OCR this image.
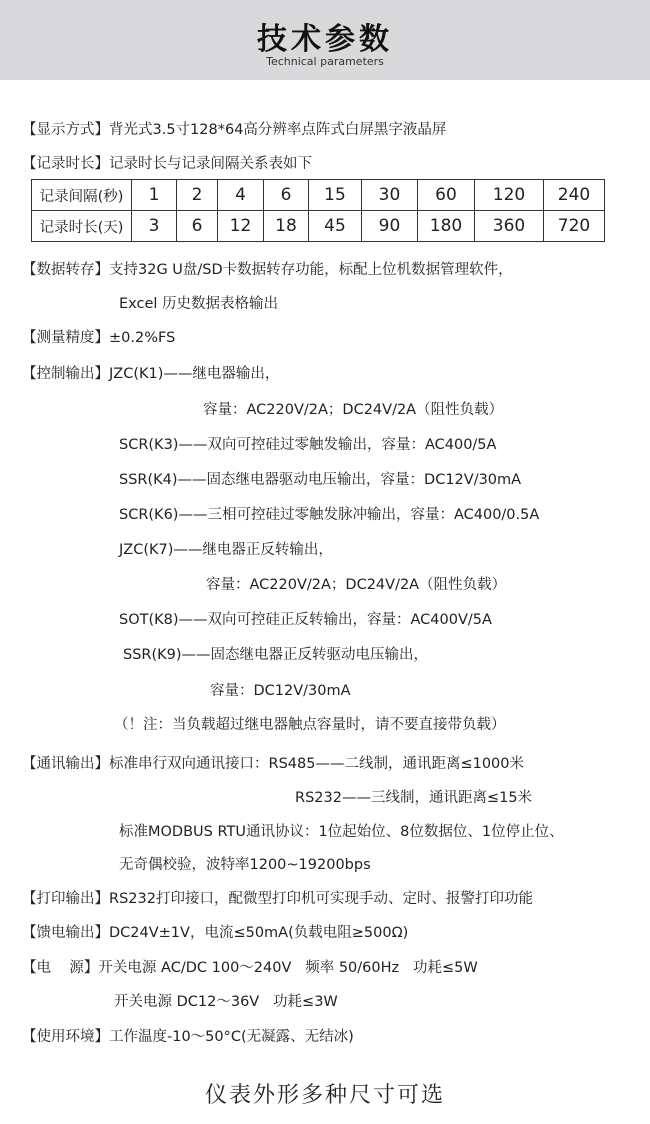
技术参数
Technical parameters
【显示方式】背光式3.5寸128*64高分辨率点阵式白屏黑字液晶屏
【记录时长】记录时长与记录间隔关系表如下
记录间隔(秒)	1	2	4	6	15	30	60	120	240
记录时长(天)	3	6	12	18	45	90	180	360	720
【数据转存】支持32G U盘/SD卡数据转存功能，标配上位机数据管理软件，
Excel 历史数据表格输出
【测量精度】±0.2%FS
【控制输出】JZC(K1)——继电器输出，
容量：AC220V/2A；DC24V/2A（阻性负载）
SCR(K3)——双向可控硅过零触发输出，容量：AC400/5A
SSR(K4)——固态继电器驱动电压输出，容量：DC12V/30mA
SCR(K6)——三相可控硅过零触发脉冲输出，容量：AC400/0.5A
JZC(K7)——继电器正反转输出，
容量：AC220V/2A；DC24V/2A（阻性负载）
SOT(K8)——双向可控硅正反转输出，容量：AC400V/5A
SSR(K9)——固态继电器正反转驱动电压输出，
容量：DC12V/30mA
（！注：当负载超过继电器触点容量时，请不要直接带负载）
【通讯输出】标准串行双向通讯接口：RS485——二线制，通讯距离≤1000米
RS232——三线制，通讯距离≤15米
标准MODBUS RTU通讯协议：1位起始位、8位数据位、1位停止位、
无奇偶校验，波特率1200~19200bps
【打印输出】RS232打印接口，配微型打印机可实现手动、定时、报警打印功能
【馈电输出】DC24V±1V，电流≤50mA(负载电阻≥500Ω)
【电    源】开关电源 AC/DC 100～240V   频率 50/60Hz   功耗≤5W
开关电源 DC12～36V   功耗≤3W
【使用环境】工作温度-10～50°C(无凝露、无结冰)
仪表外形多种尺寸可选
